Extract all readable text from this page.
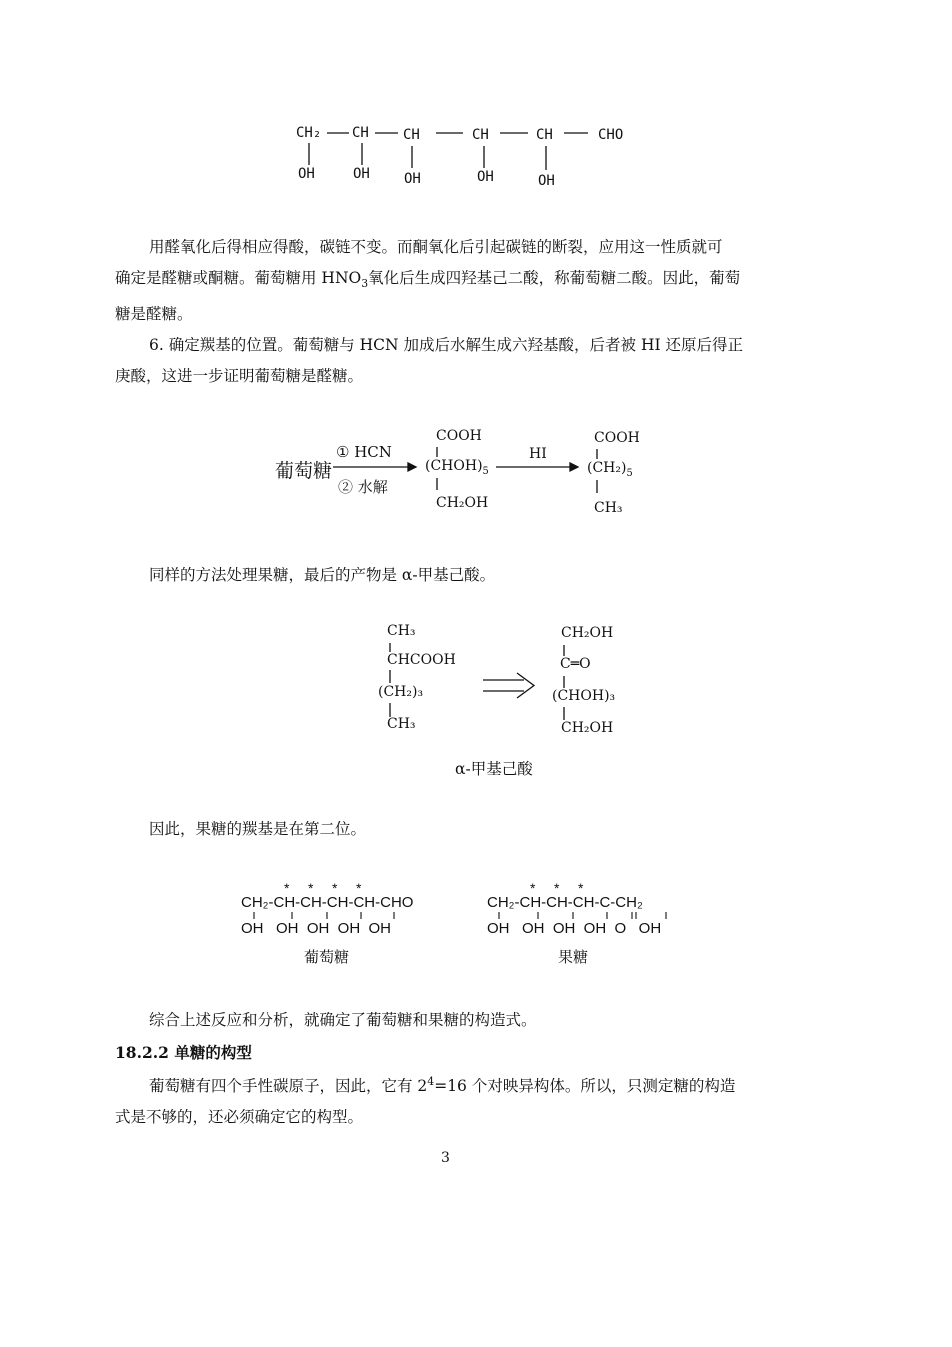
CH₂ CH CH	CH	CH	CHO
OH	OH OH	OH	OH
用醛氧化后得相应得酸，碳链不变。而酮氧化后引起碳链的断裂，应用这一性质就可
确定是醛糖或酮糖。葡萄糖用 $HNO_3$氧化后生成四羟基己二酸，称葡萄糖二酸。因此，葡萄
糖是醛糖。
6. 确定羰基的位置。葡萄糖与 HCN 加成后水解生成六羟基酸，后者被 HI 还原后得正
庚酸，这进一步证明葡萄糖是醛糖。
葡萄糖
① HCN
② 水解
COOH
$(CHOH)_5$
CH₂OH
HI
COOH
$(CH_2)_5$
CH₃
同样的方法处理果糖，最后的产物是 α-甲基己酸。
CH₃
CHCOOH
(CH₂)₃
CH₃
CH₂OH
C═O
(CHOH)₃
CH₂OH
α-甲基己酸
因此，果糖的羰基是在第二位。
*    *    *    *
CH₂-CH-CH-CH-CH-CHO
OH   OH  OH  OH  OH
葡萄糖
*    *    *
CH₂-CH-CH-CH-C-CH₂
OH   OH  OH  OH  O   OH
果糖
综合上述反应和分析，就确定了葡萄糖和果糖的构造式。
18.2.2 单糖的构型
葡萄糖有四个手性碳原子，因此，它有 $2^4=16$ 个对映异构体。所以，只测定糖的构造
式是不够的，还必须确定它的构型。
3
